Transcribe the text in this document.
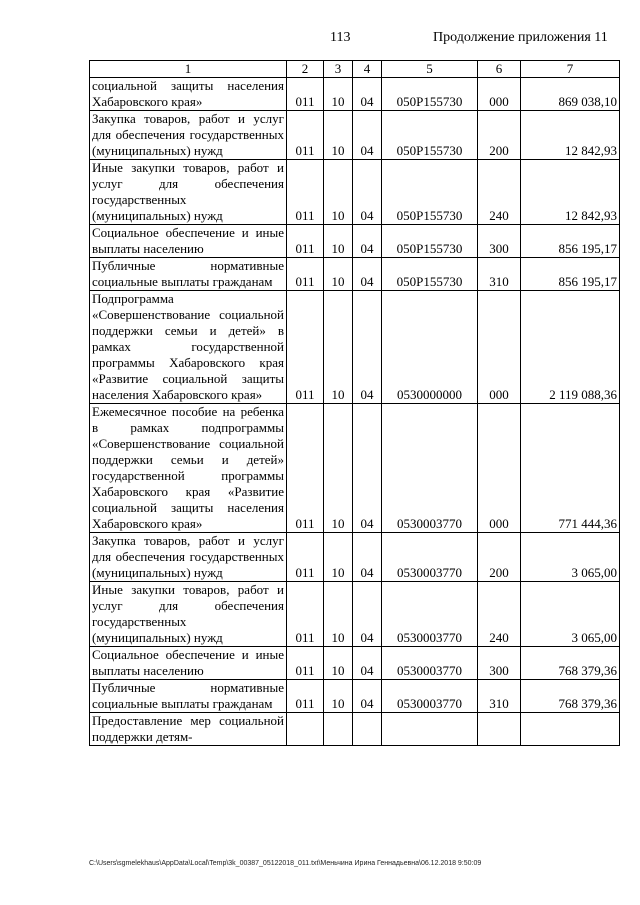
113	Продолжение приложения 11
1	2	3	4	5	6	7
социальной защиты населения Хабаровского края»	011	10	04	050P155730	000	869 038,10
Закупка товаров, работ и услуг для обеспечения государственных (муниципальных) нужд	011	10	04	050P155730	200	12 842,93
Иные закупки товаров, работ и услуг для обеспечения государственных (муниципальных) нужд	011	10	04	050P155730	240	12 842,93
Социальное обеспечение и иные выплаты населению	011	10	04	050P155730	300	856 195,17
Публичные нормативные социальные выплаты гражданам	011	10	04	050P155730	310	856 195,17
Подпрограмма «Совершенствование социальной поддержки семьи и детей» в рамках государственной программы Хабаровского края «Развитие социальной защиты населения Хабаровского края»	011	10	04	0530000000	000	2 119 088,36
Ежемесячное пособие на ребенка в рамках подпрограммы «Совершенствование социальной поддержки семьи и детей» государственной программы Хабаровского края «Развитие социальной защиты населения Хабаровского края»	011	10	04	0530003770	000	771 444,36
Закупка товаров, работ и услуг для обеспечения государственных (муниципальных) нужд	011	10	04	0530003770	200	3 065,00
Иные закупки товаров, работ и услуг для обеспечения государственных (муниципальных) нужд	011	10	04	0530003770	240	3 065,00
Социальное обеспечение и иные выплаты населению	011	10	04	0530003770	300	768 379,36
Публичные нормативные социальные выплаты гражданам	011	10	04	0530003770	310	768 379,36
Предоставление мер социальной поддержки детям-						
C:\Users\sgmelekhaus\AppData\Local\Temp\3k_00387_05122018_011.txt\Меньчина Ирина Геннадьевна\06.12.2018 9:50:09
